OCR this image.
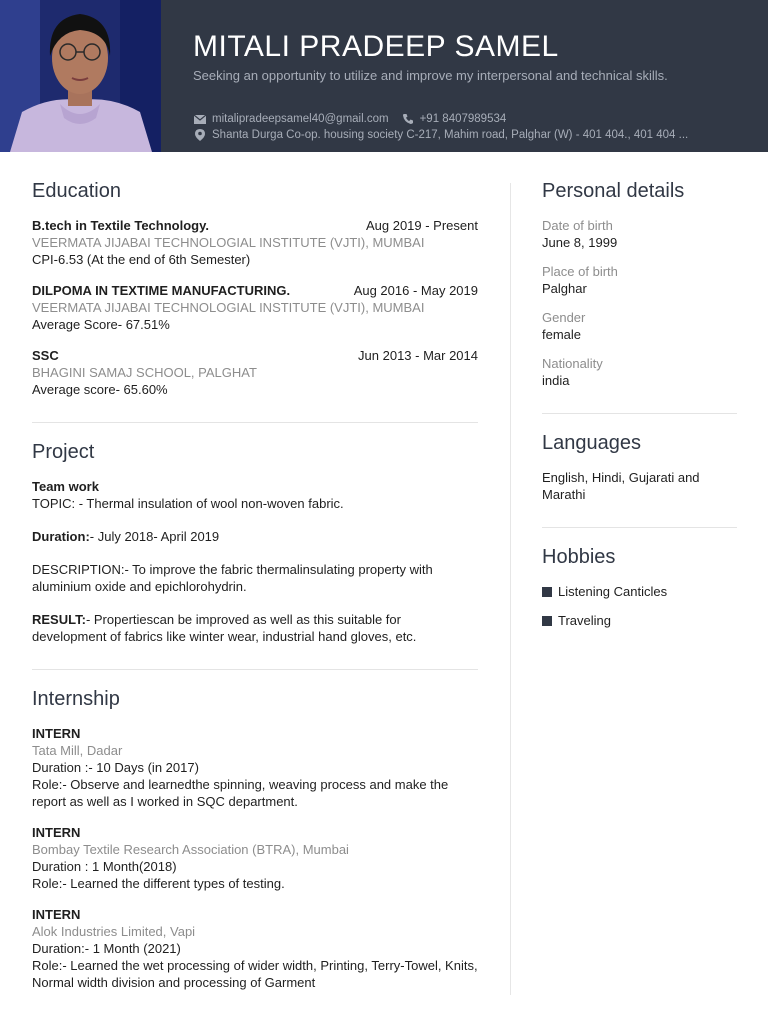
MITALI PRADEEP SAMEL
Seeking an opportunity to utilize and improve my interpersonal and technical skills.
mitalipradeepsamel40@gmail.com	+91 8407989534
Shanta Durga Co-op. housing society C-217, Mahim road, Palghar (W) - 401 404., 401 404 ...
Education
B.tech in Textile Technology.	Aug 2019 - Present
VEERMATA JIJABAI TECHNOLOGIAL INSTITUTE (VJTI), MUMBAI
CPI-6.53 (At the end of 6th Semester)
DILPOMA IN TEXTIME MANUFACTURING.	Aug 2016 - May 2019
VEERMATA JIJABAI TECHNOLOGIAL INSTITUTE (VJTI), MUMBAI
Average Score- 67.51%
SSC	Jun 2013 - Mar 2014
BHAGINI SAMAJ SCHOOL, PALGHAT
Average score- 65.60%
Project
Team work
TOPIC: - Thermal insulation of wool non-woven fabric.
Duration:- July 2018- April 2019
DESCRIPTION:- To improve the fabric thermalinsulating property with aluminium oxide and epichlorohydrin.
RESULT:- Propertiescan be improved as well as this suitable for development of fabrics like winter wear, industrial hand gloves, etc.
Internship
INTERN
Tata Mill, Dadar
Duration :- 10 Days (in 2017)
Role:- Observe and learnedthe spinning, weaving process and make the report as well as I worked in SQC department.
INTERN
Bombay Textile Research Association (BTRA), Mumbai
Duration : 1 Month(2018)
Role:- Learned the different types of testing.
INTERN
Alok Industries Limited, Vapi
Duration:- 1 Month (2021)
Role:- Learned the wet processing of wider width, Printing, Terry-Towel, Knits, Normal width division and processing of Garment
Personal details
Date of birth
June 8, 1999
Place of birth
Palghar
Gender
female
Nationality
india
Languages
English, Hindi, Gujarati and Marathi
Hobbies
Listening Canticles
Traveling
